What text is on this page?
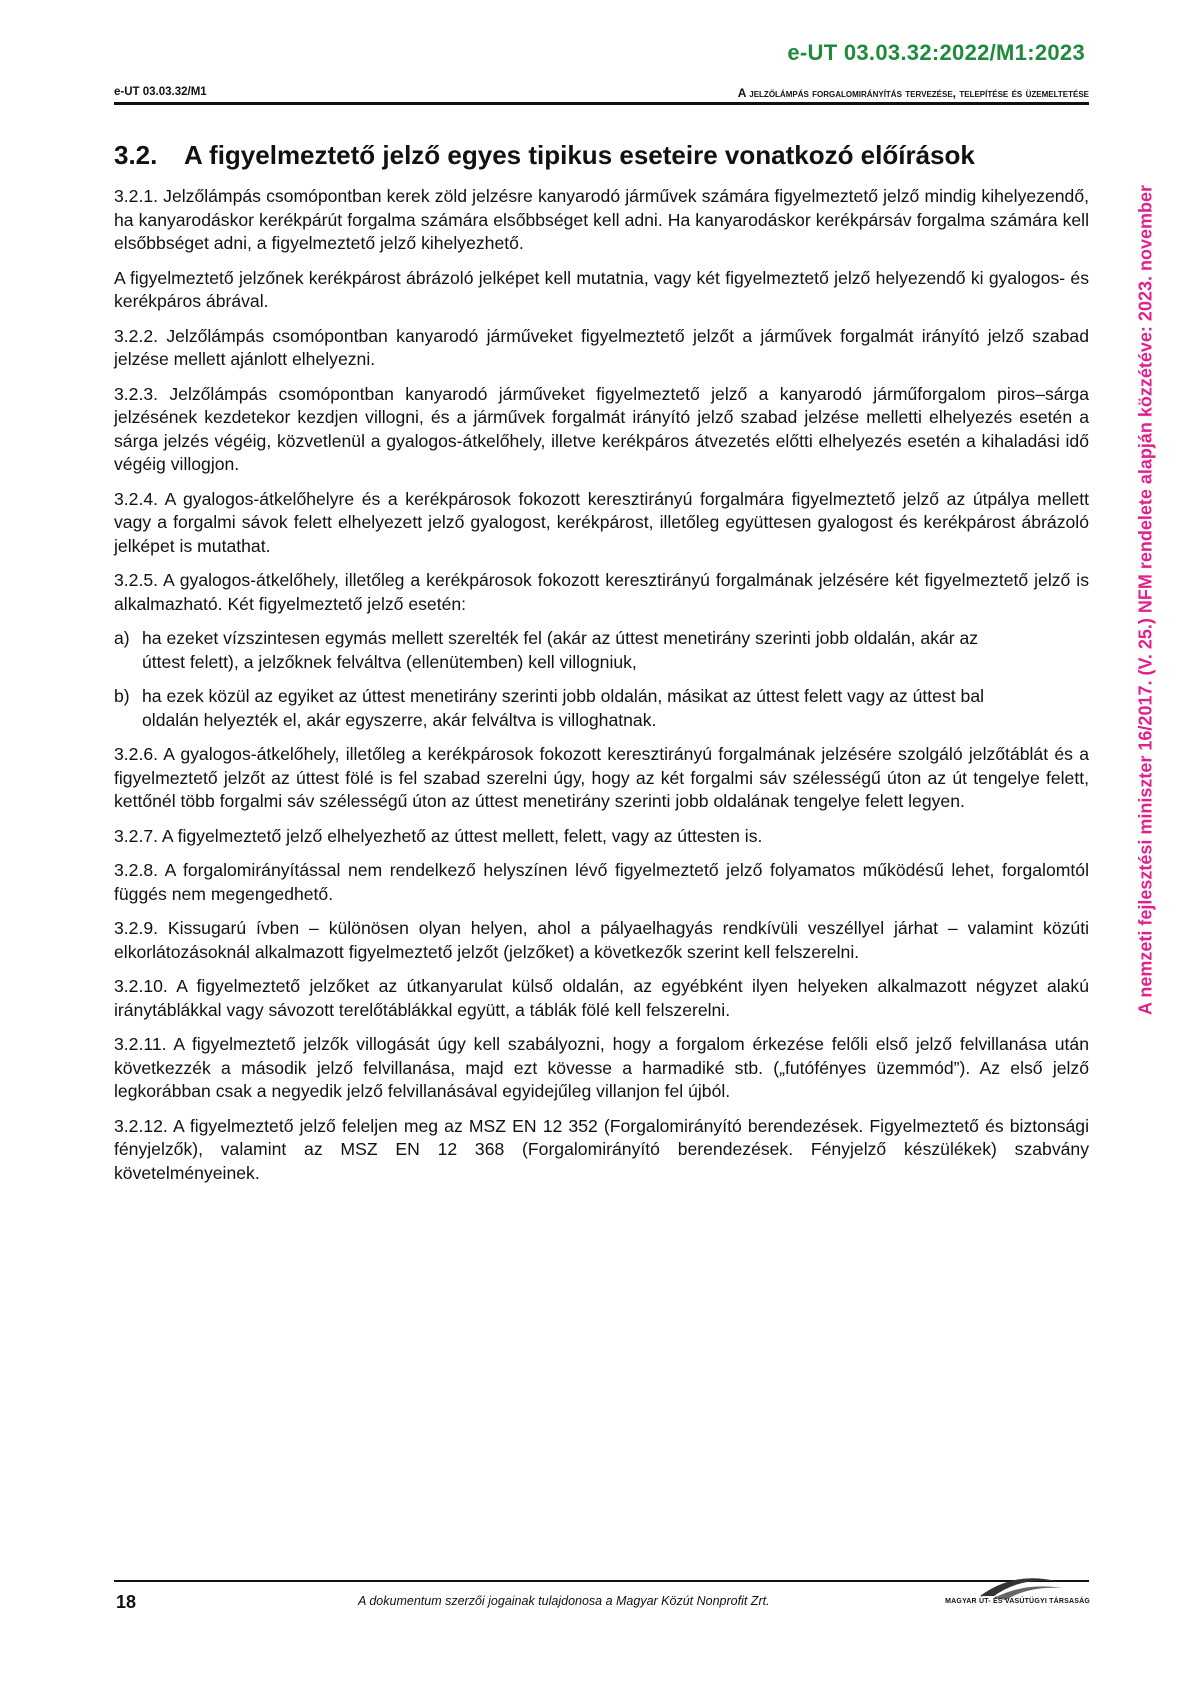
e-UT 03.03.32:2022/M1:2023
e-UT 03.03.32/M1	A jelzőlámpás forgalomirányítás tervezése, telepítése és üzemeltetése
3.2. A figyelmeztető jelző egyes tipikus eseteire vonatkozó előírások

3.2.1. Jelzőlámpás csomópontban kerek zöld jelzésre kanyarodó járművek számára figyelmeztető jelző mindig kihelyezendő, ha kanyarodáskor kerékpárút forgalma számára elsőbbséget kell adni. Ha kanyarodáskor kerékpársáv forgalma számára kell elsőbbséget adni, a figyelmeztető jelző kihelyezhető.

A figyelmeztető jelzőnek kerékpárost ábrázoló jelképet kell mutatnia, vagy két figyelmeztető jelző helyezendő ki gyalogos- és kerékpáros ábrával.

3.2.2. Jelzőlámpás csomópontban kanyarodó járműveket figyelmeztető jelzőt a járművek forgalmát irányító jelző szabad jelzése mellett ajánlott elhelyezni.

3.2.3. Jelzőlámpás csomópontban kanyarodó járműveket figyelmeztető jelző a kanyarodó járműforgalom piros–sárga jelzésének kezdetekor kezdjen villogni, és a járművek forgalmát irányító jelző szabad jelzése melletti elhelyezés esetén a sárga jelzés végéig, közvetlenül a gyalogos-átkelőhely, illetve kerékpáros átvezetés előtti elhelyezés esetén a kihaladási idő végéig villogjon.

3.2.4. A gyalogos-átkelőhelyre és a kerékpárosok fokozott keresztirányú forgalmára figyelmeztető jelző az útpálya mellett vagy a forgalmi sávok felett elhelyezett jelző gyalogost, kerékpárost, illetőleg együttesen gyalogost és kerékpárost ábrázoló jelképet is mutathat.

3.2.5. A gyalogos-átkelőhely, illetőleg a kerékpárosok fokozott keresztirányú forgalmának jelzésére két figyelmeztető jelző is alkalmazható. Két figyelmeztető jelző esetén:

a) ha ezeket vízszintesen egymás mellett szerelték fel (akár az úttest menetirány szerinti jobb oldalán, akár az úttest felett), a jelzőknek felváltva (ellenütemben) kell villogniuk,
b) ha ezek közül az egyiket az úttest menetirány szerinti jobb oldalán, másikat az úttest felett vagy az úttest bal oldalán helyezték el, akár egyszerre, akár felváltva is villoghatnak.

3.2.6. A gyalogos-átkelőhely, illetőleg a kerékpárosok fokozott keresztirányú forgalmának jelzésére szolgáló jelzőtáblát és a figyelmeztető jelzőt az úttest fölé is fel szabad szerelni úgy, hogy az két forgalmi sáv szélességű úton az út tengelye felett, kettőnél több forgalmi sáv szélességű úton az úttest menetirány szerinti jobb oldalának tengelye felett legyen.

3.2.7. A figyelmeztető jelző elhelyezhető az úttest mellett, felett, vagy az úttesten is.

3.2.8. A forgalomirányítással nem rendelkező helyszínen lévő figyelmeztető jelző folyamatos működésű lehet, forgalomtól függés nem megengedhető.

3.2.9. Kissugarú ívben – különösen olyan helyen, ahol a pályaelhagyás rendkívüli veszéllyel járhat – valamint közúti elkorlátozásoknál alkalmazott figyelmeztető jelzőt (jelzőket) a következők szerint kell felszerelni.

3.2.10. A figyelmeztető jelzőket az útkanyarulat külső oldalán, az egyébként ilyen helyeken alkalmazott négyzet alakú iránytáblákkal vagy sávozott terelőtáblákkal együtt, a táblák fölé kell felszerelni.

3.2.11. A figyelmeztető jelzők villogását úgy kell szabályozni, hogy a forgalom érkezése felőli első jelző felvillanása után következzék a második jelző felvillanása, majd ezt kövesse a harmadiké stb. („futófényes üzemmód”). Az első jelző legkorábban csak a negyedik jelző felvillanásával egyidejűleg villanjon fel újból.

3.2.12. A figyelmeztető jelző feleljen meg az MSZ EN 12 352 (Forgalomirányító berendezések. Figyelmeztető és biztonsági fényjelzők), valamint az MSZ EN 12 368 (Forgalomirányító berendezések. Fényjelző készülékek) szabvány követelményeinek.

A nemzeti fejlesztési miniszter 16/2017. (V. 25.) NFM rendelete alapján közzétéve: 2023. november
18	A dokumentum szerzői jogainak tulajdonosa a Magyar Közút Nonprofit Zrt.	MAGYAR ÚT- ÉS VASÚTÜGYI TÁRSASÁG
